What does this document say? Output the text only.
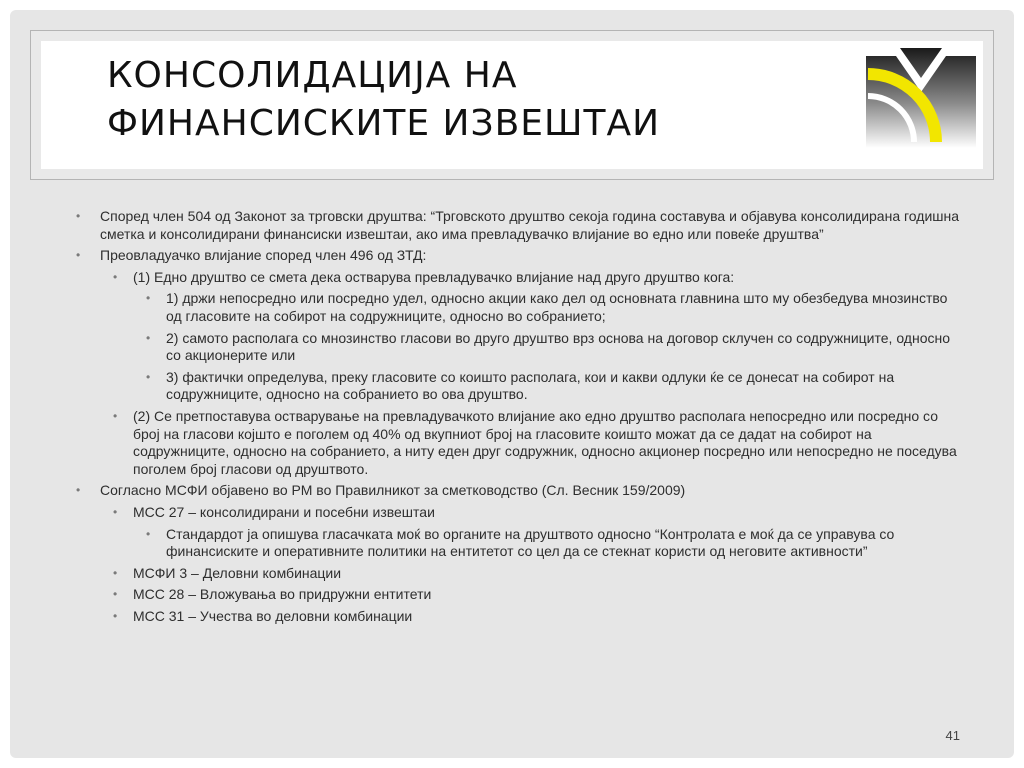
КОНСОЛИДАЦИЈА НА
ФИНАНСИСКИТЕ ИЗВЕШТАИ
• Според член 504 од Законот за трговски друштва: “Трговското друштво секоја година составува и објавува консолидирана годишна сметка и консолидирани финансиски извештаи, ако има превладувачко влијание во едно или повеќе друштва”
• Преовладуачко влијание според член 496 од ЗТД:
• (1) Едно друштво се смета дека остварува превладувачко влијание над друго друштво кога:
• 1) држи непосредно или посредно удел, односно акции како дел од основната главнина што му обезбедува мнозинство од гласовите на собирот на содружниците, односно во собранието;
• 2) самото располага со мнозинство гласови во друго друштво врз основа на договор склучен со содружниците, односно со акционерите или
• 3) фактички определува, преку гласовите со коишто располага, кои и какви одлуки ќе се донесат на собирот на содружниците, односно на собранието во ова друштво.
• (2) Се претпоставува остварување на превладувачкото влијание ако едно друштво располага непосредно или посредно со број на гласови којшто е поголем од 40% од вкупниот број на гласовите коишто можат да се дадат на собирот на содружниците, односно на собранието, а ниту еден друг содружник, односно акционер посредно или непосредно не поседува поголем број гласови од друштвото.
• Согласно МСФИ објавено во РМ во Правилникот за сметководство (Сл. Весник 159/2009)
• МСС 27 – консолидирани и посебни извештаи
• Стандардот ја опишува гласачката моќ во органите на друштвото односно “Контролата е моќ да се управува со финансиските и оперативните политики на ентитетот со цел да се стекнат користи од неговите активности”
• МСФИ 3 – Деловни комбинации
• МСС 28 – Вложувања во придружни ентитети
• МСС 31 – Учества во деловни комбинации
41
